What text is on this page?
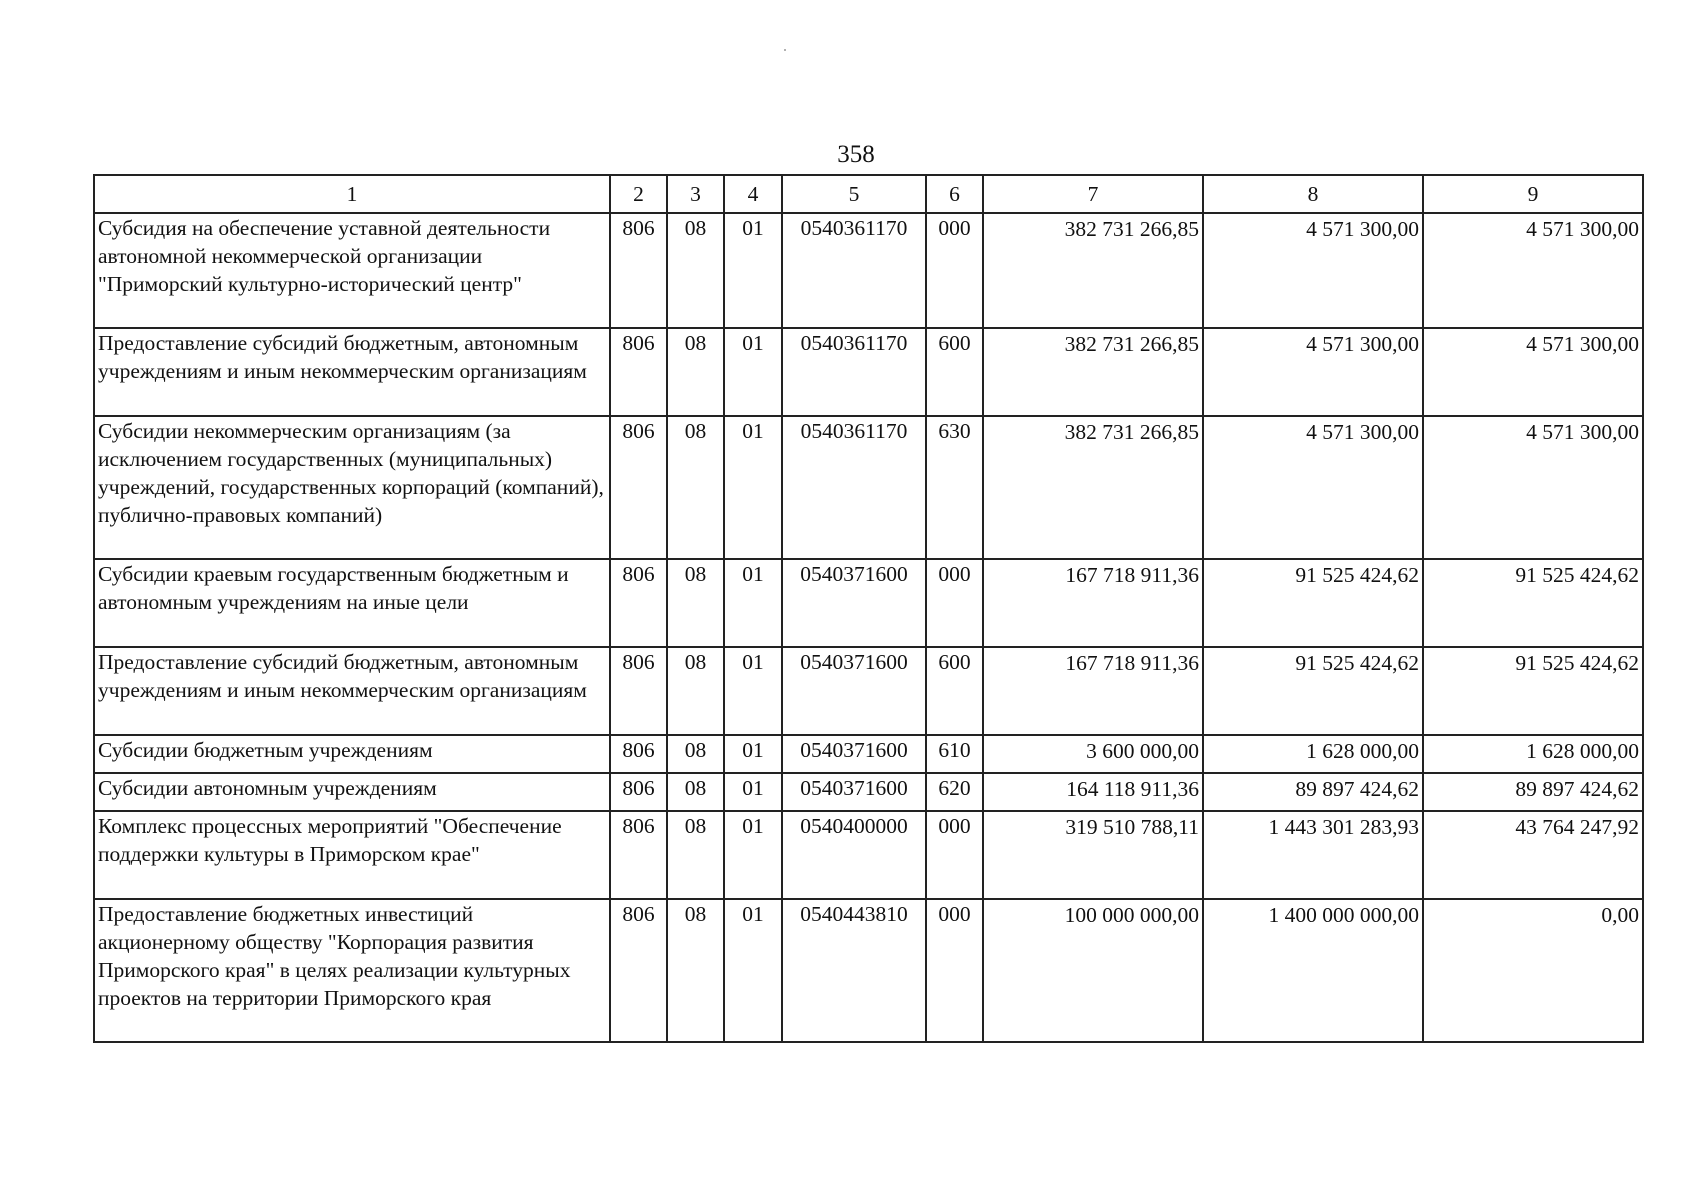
358
1	2	3	4	5	6	7	8	9
Субсидия на обеспечение уставной деятельности автономной некоммерческой организации "Приморский культурно-исторический центр"	806	08	01	0540361170	000	382 731 266,85	4 571 300,00	4 571 300,00
Предоставление субсидий бюджетным, автономным учреждениям и иным некоммерческим организациям	806	08	01	0540361170	600	382 731 266,85	4 571 300,00	4 571 300,00
Субсидии некоммерческим организациям (за исключением государственных (муниципальных) учреждений, государственных корпораций (компаний), публично-правовых компаний)	806	08	01	0540361170	630	382 731 266,85	4 571 300,00	4 571 300,00
Субсидии краевым государственным бюджетным и автономным учреждениям на иные цели	806	08	01	0540371600	000	167 718 911,36	91 525 424,62	91 525 424,62
Предоставление субсидий бюджетным, автономным учреждениям и иным некоммерческим организациям	806	08	01	0540371600	600	167 718 911,36	91 525 424,62	91 525 424,62
Субсидии бюджетным учреждениям	806	08	01	0540371600	610	3 600 000,00	1 628 000,00	1 628 000,00
Субсидии автономным учреждениям	806	08	01	0540371600	620	164 118 911,36	89 897 424,62	89 897 424,62
Комплекс процессных мероприятий "Обеспечение поддержки культуры в Приморском крае"	806	08	01	0540400000	000	319 510 788,11	1 443 301 283,93	43 764 247,92
Предоставление бюджетных инвестиций акционерному обществу "Корпорация развития Приморского края" в целях реализации культурных проектов на территории Приморского края	806	08	01	0540443810	000	100 000 000,00	1 400 000 000,00	0,00
